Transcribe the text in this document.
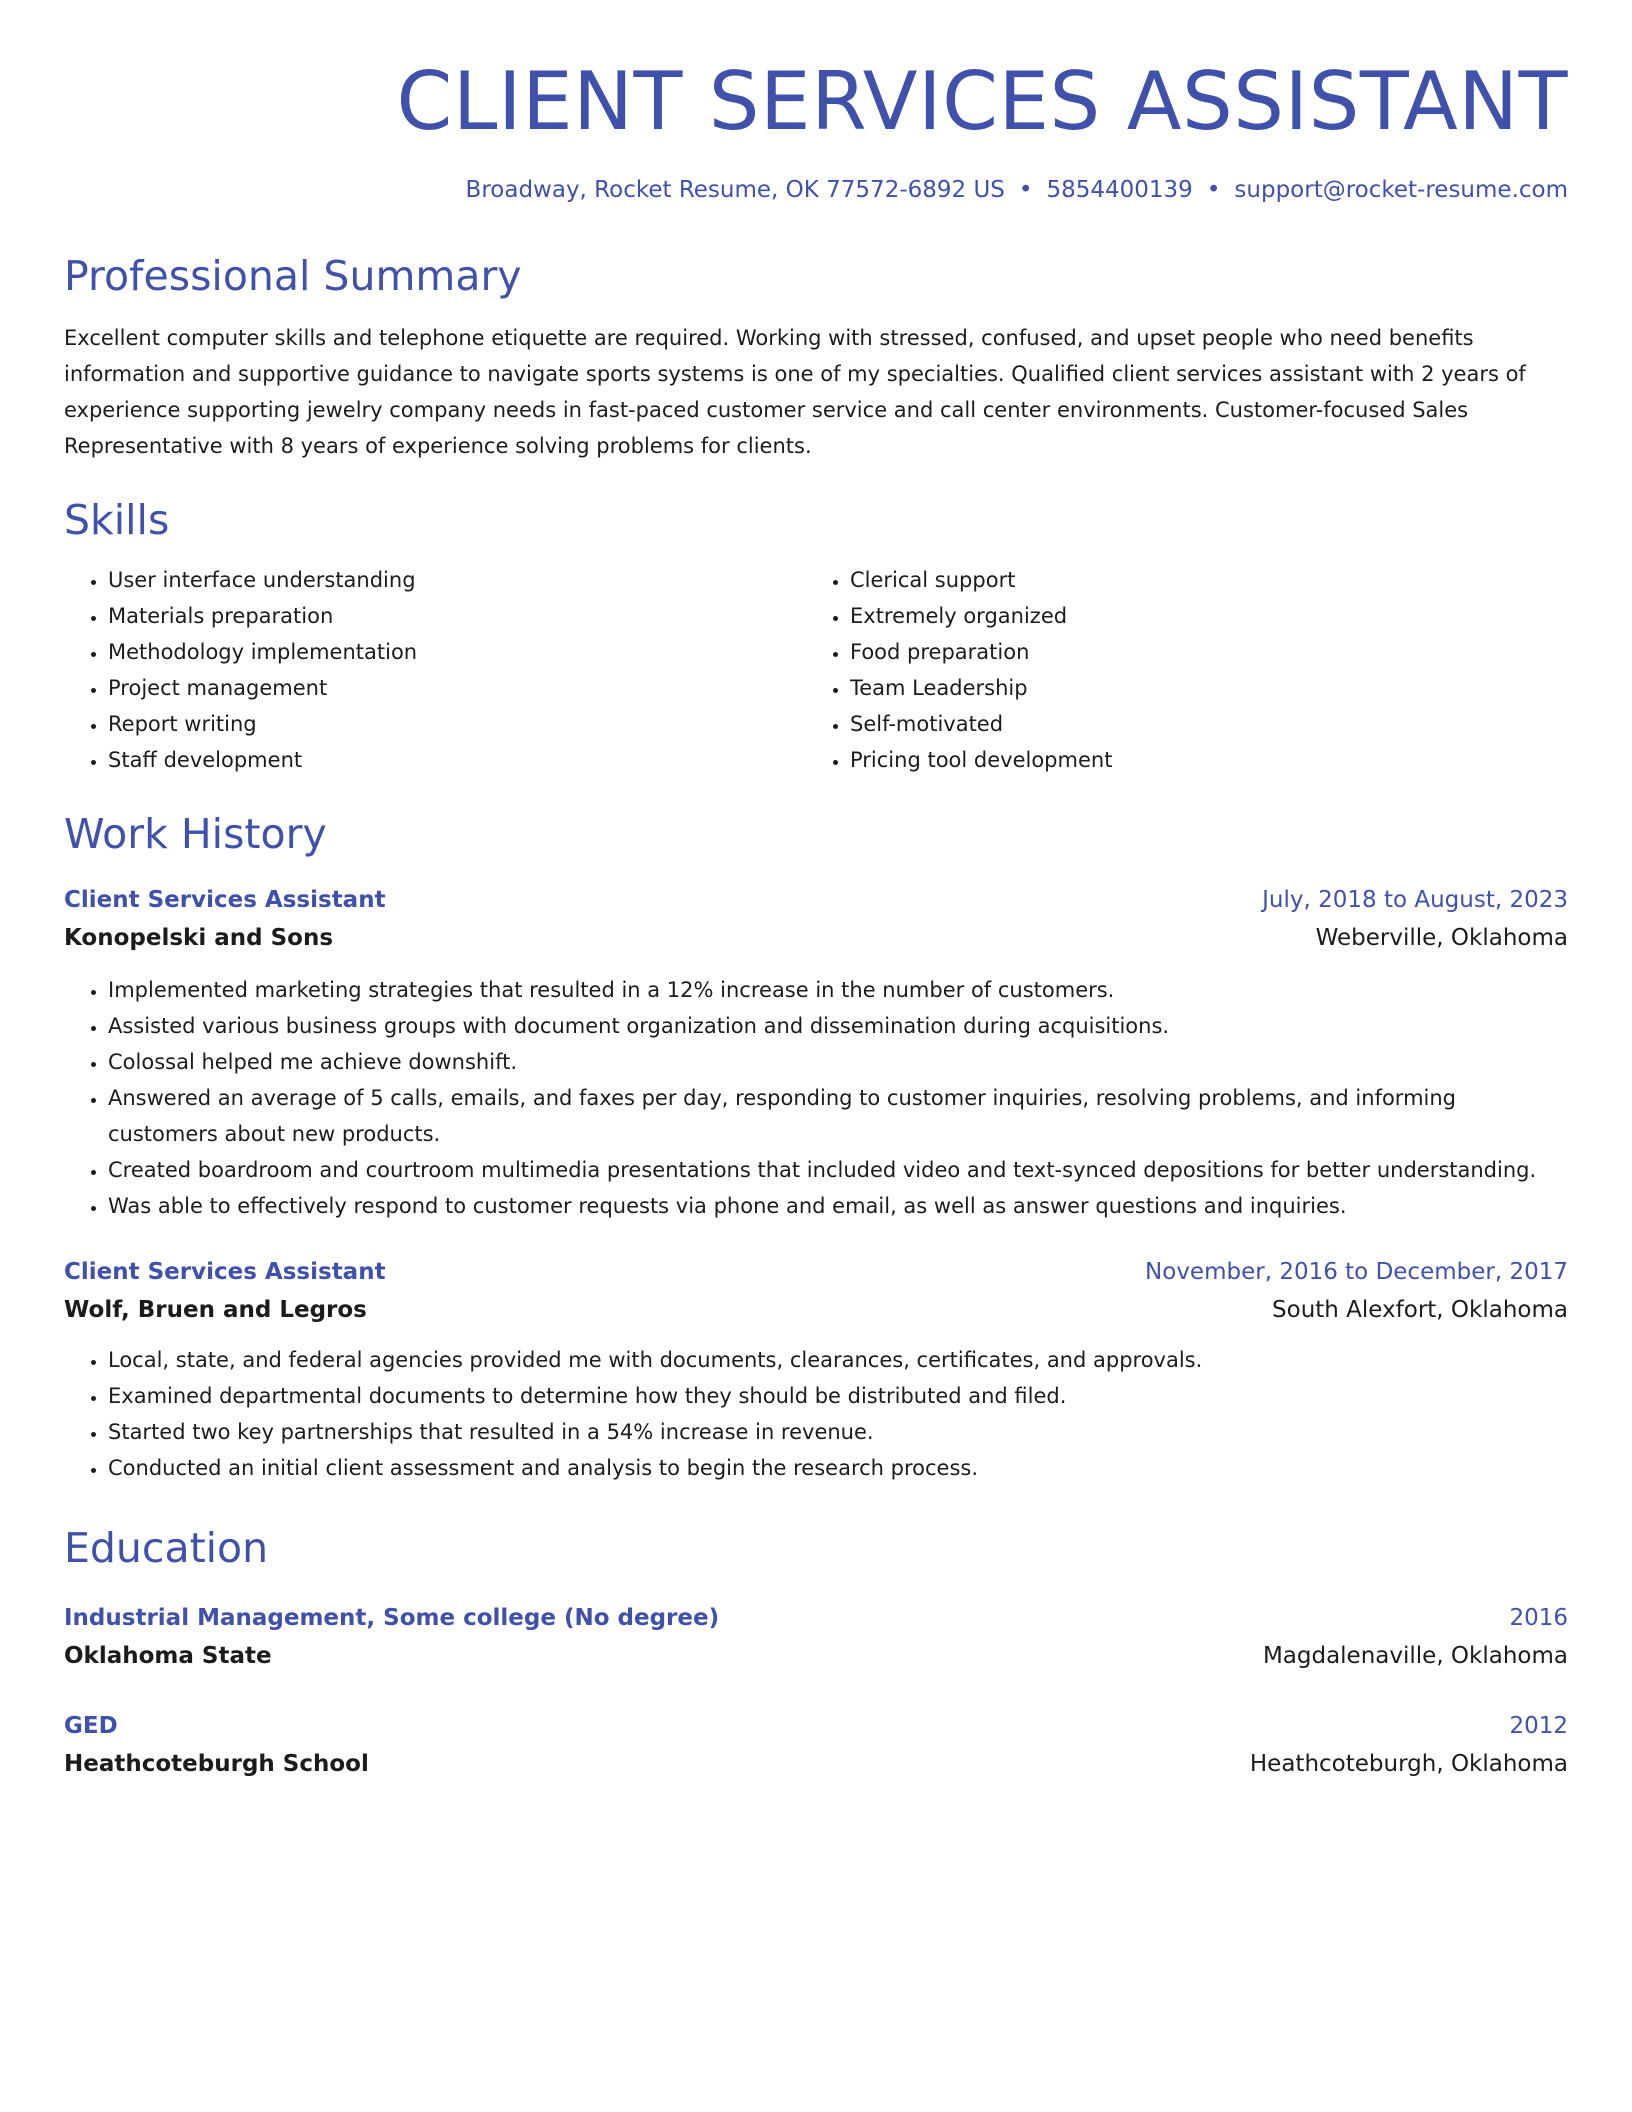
CLIENT SERVICES ASSISTANT
Broadway, Rocket Resume, OK 77572-6892 US • 5854400139 • support@rocket-resume.com
Professional Summary
Excellent computer skills and telephone etiquette are required. Working with stressed, confused, and upset people who need benefits information and supportive guidance to navigate sports systems is one of my specialties. Qualified client services assistant with 2 years of experience supporting jewelry company needs in fast-paced customer service and call center environments. Customer-focused Sales Representative with 8 years of experience solving problems for clients.
Skills
• User interface understanding
• Materials preparation
• Methodology implementation
• Project management
• Report writing
• Staff development
• Clerical support
• Extremely organized
• Food preparation
• Team Leadership
• Self-motivated
• Pricing tool development
Work History
Client Services Assistant	July, 2018 to August, 2023
Konopelski and Sons	Weberville, Oklahoma
• Implemented marketing strategies that resulted in a 12% increase in the number of customers.
• Assisted various business groups with document organization and dissemination during acquisitions.
• Colossal helped me achieve downshift.
• Answered an average of 5 calls, emails, and faxes per day, responding to customer inquiries, resolving problems, and informing customers about new products.
• Created boardroom and courtroom multimedia presentations that included video and text-synced depositions for better understanding.
• Was able to effectively respond to customer requests via phone and email, as well as answer questions and inquiries.
Client Services Assistant	November, 2016 to December, 2017
Wolf, Bruen and Legros	South Alexfort, Oklahoma
• Local, state, and federal agencies provided me with documents, clearances, certificates, and approvals.
• Examined departmental documents to determine how they should be distributed and filed.
• Started two key partnerships that resulted in a 54% increase in revenue.
• Conducted an initial client assessment and analysis to begin the research process.
Education
Industrial Management, Some college (No degree)	2016
Oklahoma State	Magdalenaville, Oklahoma
GED	2012
Heathcoteburgh School	Heathcoteburgh, Oklahoma
